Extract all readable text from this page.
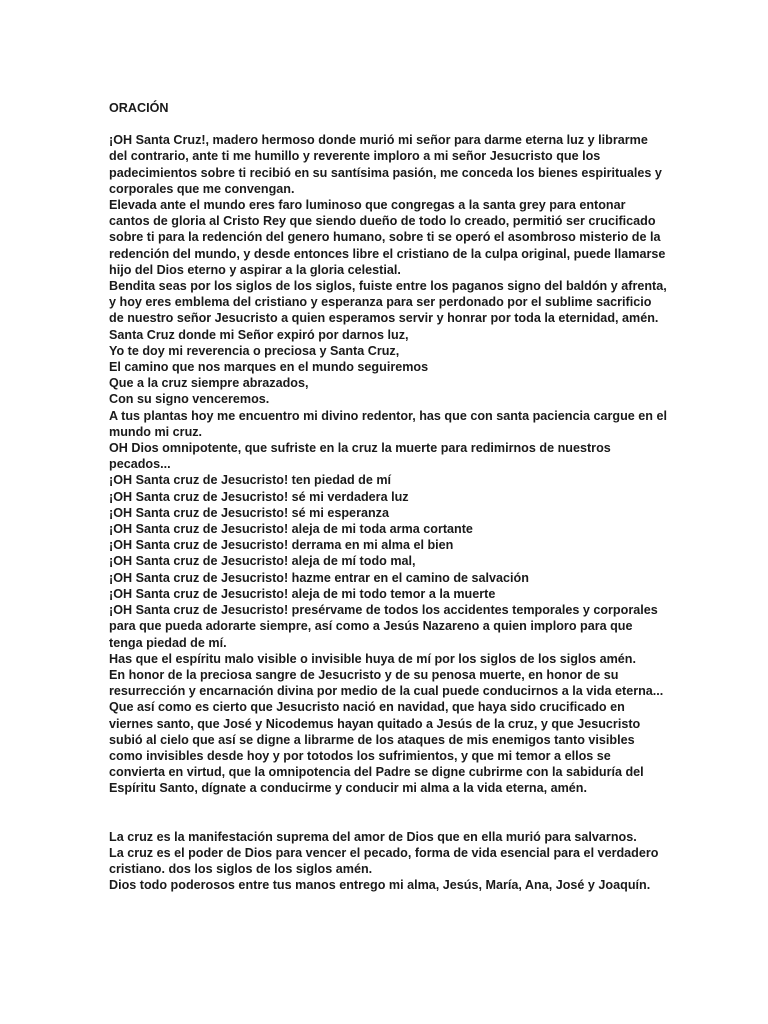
ORACIÓN
¡OH Santa Cruz!, madero hermoso donde murió mi señor para darme eterna luz y librarme del contrario, ante ti me humillo y reverente imploro a mi señor Jesucristo que los padecimientos sobre ti recibió en su santísima pasión, me conceda los bienes espirituales y corporales que me convengan.
Elevada ante el mundo eres faro luminoso que congregas a la santa grey para entonar cantos de gloria al Cristo Rey que siendo dueño de todo lo creado, permitió ser crucificado sobre ti para la redención del genero humano, sobre ti se operó el asombroso misterio de la redención del mundo, y desde entonces libre el cristiano de la culpa original, puede llamarse hijo del Dios eterno y aspirar a la gloria celestial.
Bendita seas por los siglos de los siglos, fuiste entre los paganos signo del baldón y afrenta, y hoy eres emblema del cristiano y esperanza para ser perdonado por el sublime sacrificio de nuestro señor Jesucristo a quien esperamos servir y honrar por toda la eternidad, amén.
Santa Cruz donde mi Señor expiró por darnos luz,
Yo te doy mi reverencia o preciosa y Santa Cruz,
El camino que nos marques en el mundo seguiremos
Que a la cruz siempre abrazados,
Con su signo venceremos.
A tus plantas hoy me encuentro mi divino redentor, has que con santa paciencia cargue en el mundo mi cruz.
OH Dios omnipotente, que sufriste en la cruz la muerte para redimirnos de nuestros pecados...
¡OH Santa cruz de Jesucristo! ten piedad de mí
¡OH Santa cruz de Jesucristo! sé mi verdadera luz
¡OH Santa cruz de Jesucristo! sé mi esperanza
¡OH Santa cruz de Jesucristo! aleja de mi toda arma cortante
¡OH Santa cruz de Jesucristo! derrama en mi alma el bien
¡OH Santa cruz de Jesucristo! aleja de mí todo mal,
¡OH Santa cruz de Jesucristo! hazme entrar en el camino de salvación
¡OH Santa cruz de Jesucristo! aleja de mi todo temor a la muerte
¡OH Santa cruz de Jesucristo! presérvame de todos los accidentes temporales y corporales para que pueda adorarte siempre, así como a Jesús Nazareno a quien imploro para que tenga piedad de mí.
Has que el espíritu malo visible o invisible huya de mí por los siglos de los siglos amén.
En honor de la preciosa sangre de Jesucristo y de su penosa muerte, en honor de su resurrección y encarnación divina por medio de la cual puede conducirnos a la vida eterna...
Que así como es cierto que Jesucristo nació en navidad, que haya sido crucificado en viernes santo, que José y Nicodemus hayan quitado a Jesús de la cruz, y que Jesucristo subió al cielo que así se digne a librarme de los ataques de mis enemigos tanto visibles como invisibles desde hoy y por totodos los sufrimientos, y que mi temor a ellos se convierta en virtud, que la omnipotencia del Padre se digne cubrirme con la sabiduría del Espíritu Santo, dígnate a conducirme y conducir mi alma a la vida eterna, amén.
La cruz es la manifestación suprema del amor de Dios que en ella murió para salvarnos.
La cruz es el poder de Dios para vencer el pecado, forma de vida esencial para el verdadero cristiano. dos los siglos de los siglos amén.
Dios todo poderosos entre tus manos entrego mi alma, Jesús, María, Ana, José y Joaquín.
